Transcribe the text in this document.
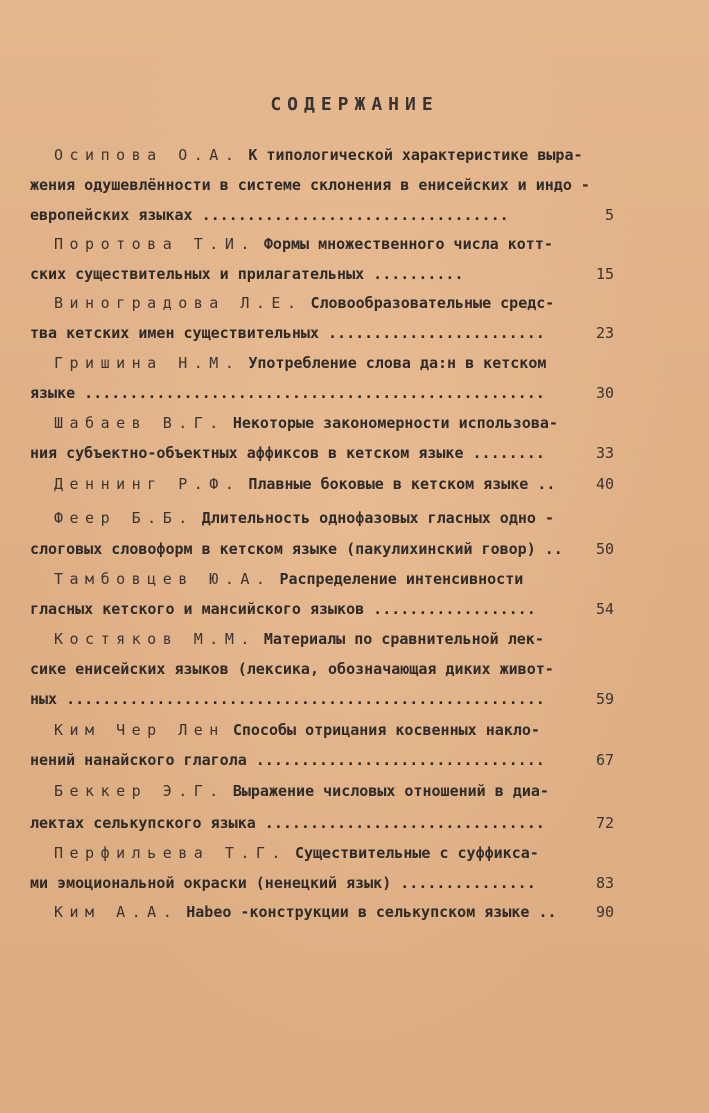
СОДЕРЖАНИЕ
Осипова О.А. К типологической характеристике выра-
жения одушевлённости в системе склонения в енисейских и индо -
европейских языках ..................................	5
Поротова Т.И. Формы множественного числа котт-
ских существительных и прилагательных ..........	15
Виноградова Л.Е. Словообразовательные средс-
тва кетских имен существительных ........................	23
Гришина Н.М. Употребление слова да:н в кетском
языке ...................................................	30
Шабаев В.Г. Некоторые закономерности использова-
ния субъектно-объектных аффиксов в кетском языке ........	33
Деннинг Р.Ф. Плавные боковые в кетском языке ..	40
Феер Б.Б. Длительность однофазовых гласных одно -
слоговых словоформ в кетском языке (пакулихинский говор) .. 50
Тамбовцев Ю.А. Распределение интенсивности
гласных кетского и мансийского языков ..................	54
Костяков М.М. Материалы по сравнительной лек-
сике енисейских языков (лексика, обозначающая диких живот-
ных .....................................................	59
Ким Чер Лен Способы отрицания косвенных накло-
нений нанайского глагола ................................	67
Беккер Э.Г. Выражение числовых отношений в диа-
лектах селькупского языка ...............................	72
Перфильева Т.Г. Существительные с суффикса-
ми эмоциональной окраски (ненецкий язык) ...............	83
Ким А.А. Habeo -конструкции в селькупском языке ..	90
